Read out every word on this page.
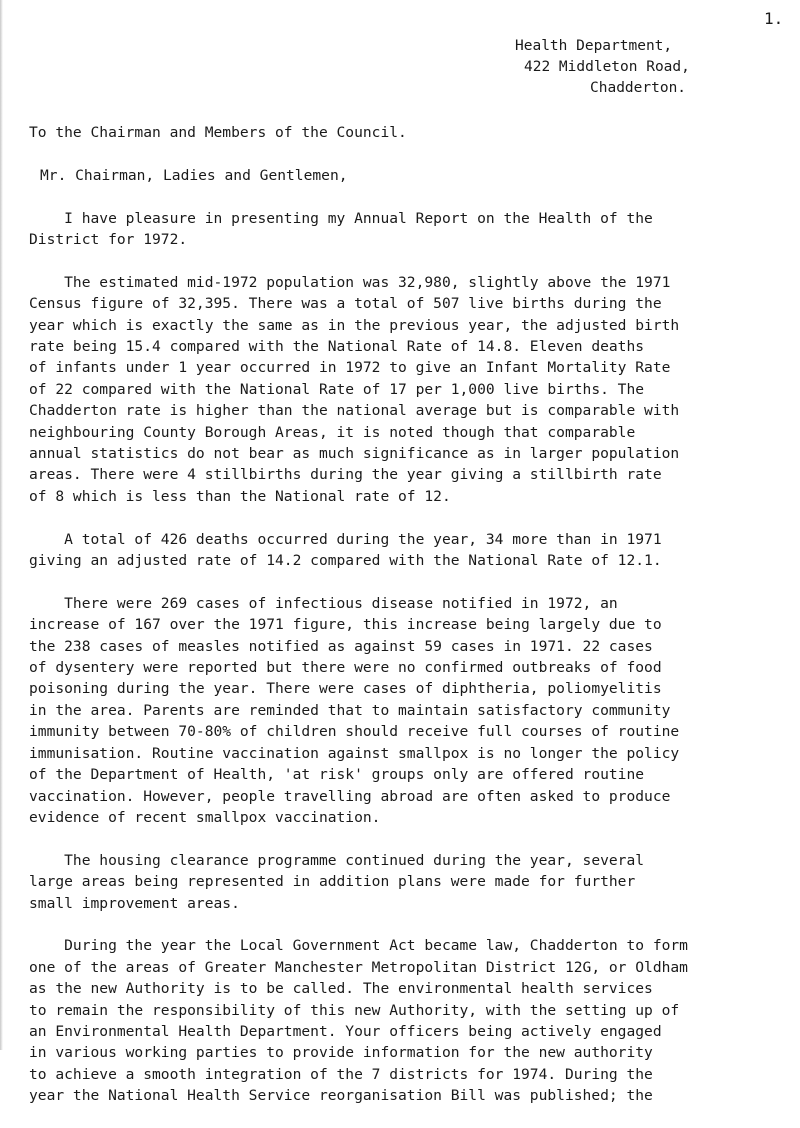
1.
Health Department,
422 Middleton Road,
Chadderton.

To the Chairman and Members of the Council.

Mr. Chairman, Ladies and Gentlemen,

I have pleasure in presenting my Annual Report on the Health of the

District for 1972.

The estimated mid-1972 population was 32,980, slightly above the 1971

Census figure of 32,395. There was a total of 507 live births during the

year which is exactly the same as in the previous year, the adjusted birth

rate being 15.4 compared with the National Rate of 14.8. Eleven deaths

of infants under 1 year occurred in 1972 to give an Infant Mortality Rate

of 22 compared with the National Rate of 17 per 1,000 live births. The

Chadderton rate is higher than the national average but is comparable with

neighbouring County Borough Areas, it is noted though that comparable

annual statistics do not bear as much significance as in larger population

areas. There were 4 stillbirths during the year giving a stillbirth rate

of 8 which is less than the National rate of 12.

A total of 426 deaths occurred during the year, 34 more than in 1971

giving an adjusted rate of 14.2 compared with the National Rate of 12.1.

There were 269 cases of infectious disease notified in 1972, an

increase of 167 over the 1971 figure, this increase being largely due to

the 238 cases of measles notified as against 59 cases in 1971. 22 cases

of dysentery were reported but there were no confirmed outbreaks of food

poisoning during the year. There were cases of diphtheria, poliomyelitis

in the area. Parents are reminded that to maintain satisfactory community

immunity between 70-80% of children should receive full courses of routine

immunisation. Routine vaccination against smallpox is no longer the policy

of the Department of Health, 'at risk' groups only are offered routine

vaccination. However, people travelling abroad are often asked to produce

evidence of recent smallpox vaccination.

The housing clearance programme continued during the year, several

large areas being represented in addition plans were made for further

small improvement areas.

During the year the Local Government Act became law, Chadderton to form

one of the areas of Greater Manchester Metropolitan District 12G, or Oldham

as the new Authority is to be called. The environmental health services

to remain the responsibility of this new Authority, with the setting up of

an Environmental Health Department. Your officers being actively engaged

in various working parties to provide information for the new authority

to achieve a smooth integration of the 7 districts for 1974. During the

year the National Health Service reorganisation Bill was published; the
